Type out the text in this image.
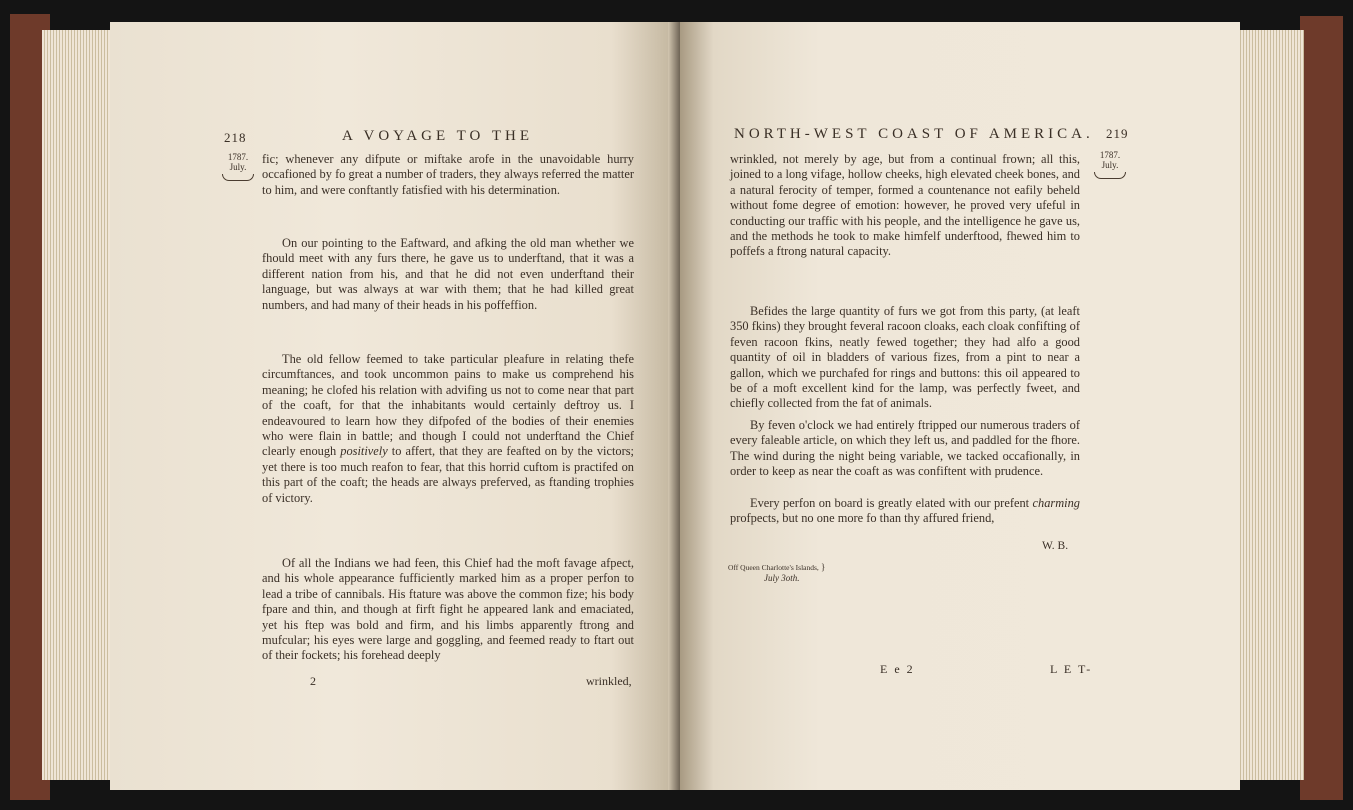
218	A VOYAGE TO THE
1787.
July.

fic; whenever any difpute or miftake arofe in the unavoidable hurry occafioned by fo great a number of traders, they always referred the matter to him, and were conftantly fatisfied with his determination.

On our pointing to the Eaftward, and afking the old man whether we fhould meet with any furs there, he gave us to underftand, that it was a different nation from his, and that he did not even underftand their language, but was always at war with them; that he had killed great numbers, and had many of their heads in his poffeffion.

The old fellow feemed to take particular pleafure in relating thefe circumftances, and took uncommon pains to make us comprehend his meaning; he clofed his relation with advifing us not to come near that part of the coaft, for that the inhabitants would certainly deftroy us. I endeavoured to learn how they difpofed of the bodies of their enemies who were flain in battle; and though I could not underftand the Chief clearly enough positively to affert, that they are feafted on by the victors; yet there is too much reafon to fear, that this horrid cuftom is practifed on this part of the coaft; the heads are always preferved, as ftanding trophies of victory.

Of all the Indians we had feen, this Chief had the moft favage afpect, and his whole appearance fufficiently marked him as a proper perfon to lead a tribe of cannibals. His ftature was above the common fize; his body fpare and thin, and though at firft fight he appeared lank and emaciated, yet his ftep was bold and firm, and his limbs apparently ftrong and mufcular; his eyes were large and goggling, and feemed ready to ftart out of their fockets; his forehead deeply

2	wrinkled,
NORTH-WEST COAST OF AMERICA. 219
1787.
July.

wrinkled, not merely by age, but from a continual frown; all this, joined to a long vifage, hollow cheeks, high elevated cheek bones, and a natural ferocity of temper, formed a countenance not eafily beheld without fome degree of emotion: however, he proved very ufeful in conducting our traffic with his people, and the intelligence he gave us, and the methods he took to make himfelf underftood, fhewed him to poffefs a ftrong natural capacity.

Befides the large quantity of furs we got from this party, (at leaft 350 fkins) they brought feveral racoon cloaks, each cloak confifting of feven racoon fkins, neatly fewed together; they had alfo a good quantity of oil in bladders of various fizes, from a pint to near a gallon, which we purchafed for rings and buttons: this oil appeared to be of a moft excellent kind for the lamp, was perfectly fweet, and chiefly collected from the fat of animals.

By feven o'clock we had entirely ftripped our numerous traders of every faleable article, on which they left us, and paddled for the fhore. The wind during the night being variable, we tacked occafionally, in order to keep as near the coaft as was confiftent with prudence.

Every perfon on board is greatly elated with our prefent charming profpects, but no one more fo than thy affured friend,

W. B.
Off Queen Charlotte's Islands, }
July 3oth.
E e 2	L E T-
